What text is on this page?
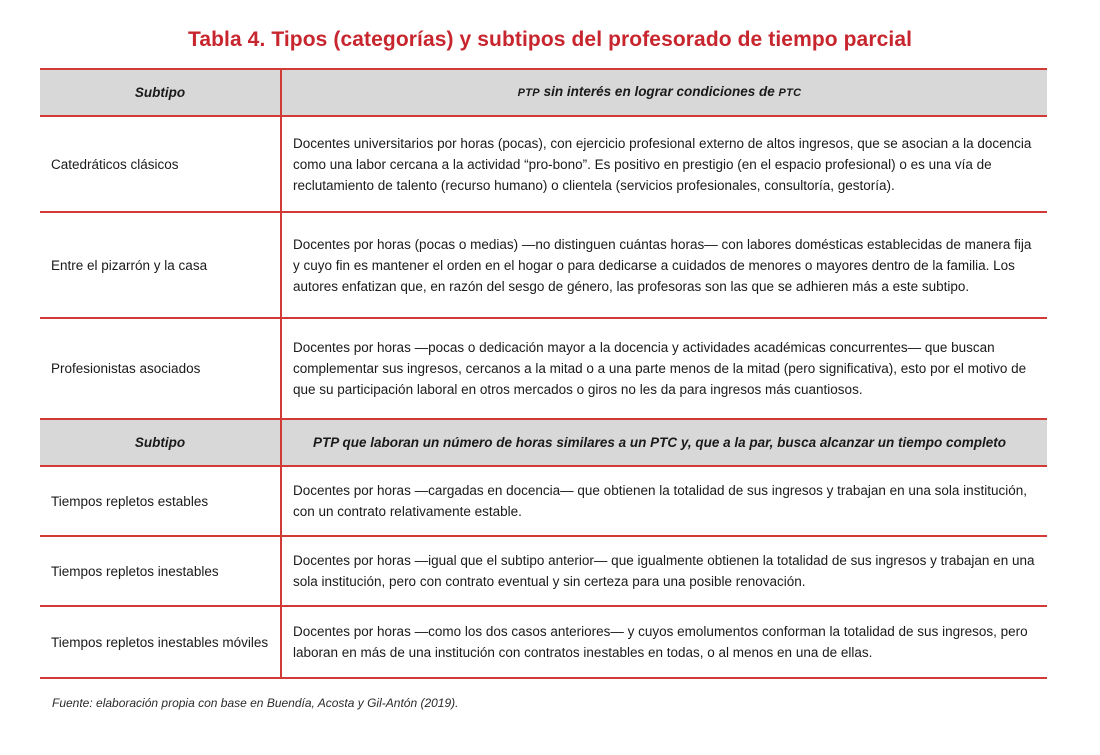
Tabla 4. Tipos (categorías) y subtipos del profesorado de tiempo parcial
Subtipo	PTP sin interés en lograr condiciones de PTC
Catedráticos clásicos	Docentes universitarios por horas (pocas), con ejercicio profesional externo de altos ingresos, que se asocian a la docencia como una labor cercana a la actividad “pro-bono”. Es positivo en prestigio (en el espacio profesional) o es una vía de reclutamiento de talento (recurso humano) o clientela (servicios profesionales, consultoría, gestoría).
Entre el pizarrón y la casa	Docentes por horas (pocas o medias) —no distinguen cuántas horas— con labores domésticas establecidas de manera fija y cuyo fin es mantener el orden en el hogar o para dedicarse a cuidados de menores o mayores dentro de la familia. Los autores enfatizan que, en razón del sesgo de género, las profesoras son las que se adhieren más a este subtipo.
Profesionistas asociados	Docentes por horas —pocas o dedicación mayor a la docencia y actividades académicas concurrentes— que buscan complementar sus ingresos, cercanos a la mitad o a una parte menos de la mitad (pero significativa), esto por el motivo de que su participación laboral en otros mercados o giros no les da para ingresos más cuantiosos.
Subtipo	PTP que laboran un número de horas similares a un PTC y, que a la par, busca alcanzar un tiempo completo
Tiempos repletos estables	Docentes por horas —cargadas en docencia— que obtienen la totalidad de sus ingresos y trabajan en una sola institución, con un contrato relativamente estable.
Tiempos repletos inestables	Docentes por horas —igual que el subtipo anterior— que igualmente obtienen la totalidad de sus ingresos y trabajan en una sola institución, pero con contrato eventual y sin certeza para una posible renovación.
Tiempos repletos inestables móviles	Docentes por horas —como los dos casos anteriores— y cuyos emolumentos conforman la totalidad de sus ingresos, pero laboran en más de una institución con contratos inestables en todas, o al menos en una de ellas.
Fuente: elaboración propia con base en Buendía, Acosta y Gil-Antón (2019).
